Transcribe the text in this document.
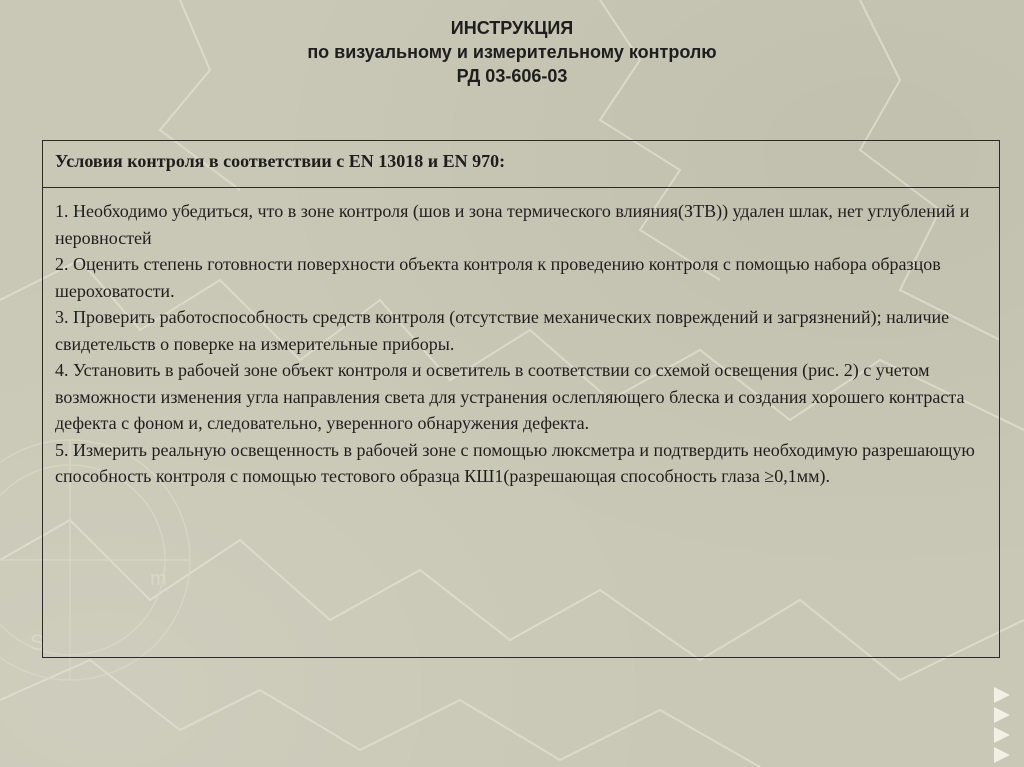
S
m
ИНСТРУКЦИЯ
по визуальному и измерительному контролю
РД 03-606-03
Условия контроля в соответствии с EN 13018 и EN 970:
1. Необходимо убедиться, что в зоне контроля (шов и зона термического влияния(ЗТВ)) удален шлак, нет углублений и неровностей
2. Оценить степень готовности поверхности объекта контроля к проведению контроля с помощью набора образцов шероховатости.
3. Проверить работоспособность средств контроля (отсутствие механических повреждений и загрязнений); наличие свидетельств о поверке на измерительные приборы.
4. Установить в рабочей зоне объект контроля и осветитель в соответствии со схемой освещения (рис. 2) с учетом возможности изменения угла направления света для устранения ослепляющего блеска и создания хорошего контраста дефекта с фоном и, следовательно, уверенного обнаружения дефекта.
5. Измерить реальную освещенность в рабочей зоне с помощью люксметра и подтвердить необходимую разрешающую способность контроля с помощью тестового образца КШ1(разрешающая способность глаза ≥0,1мм).
